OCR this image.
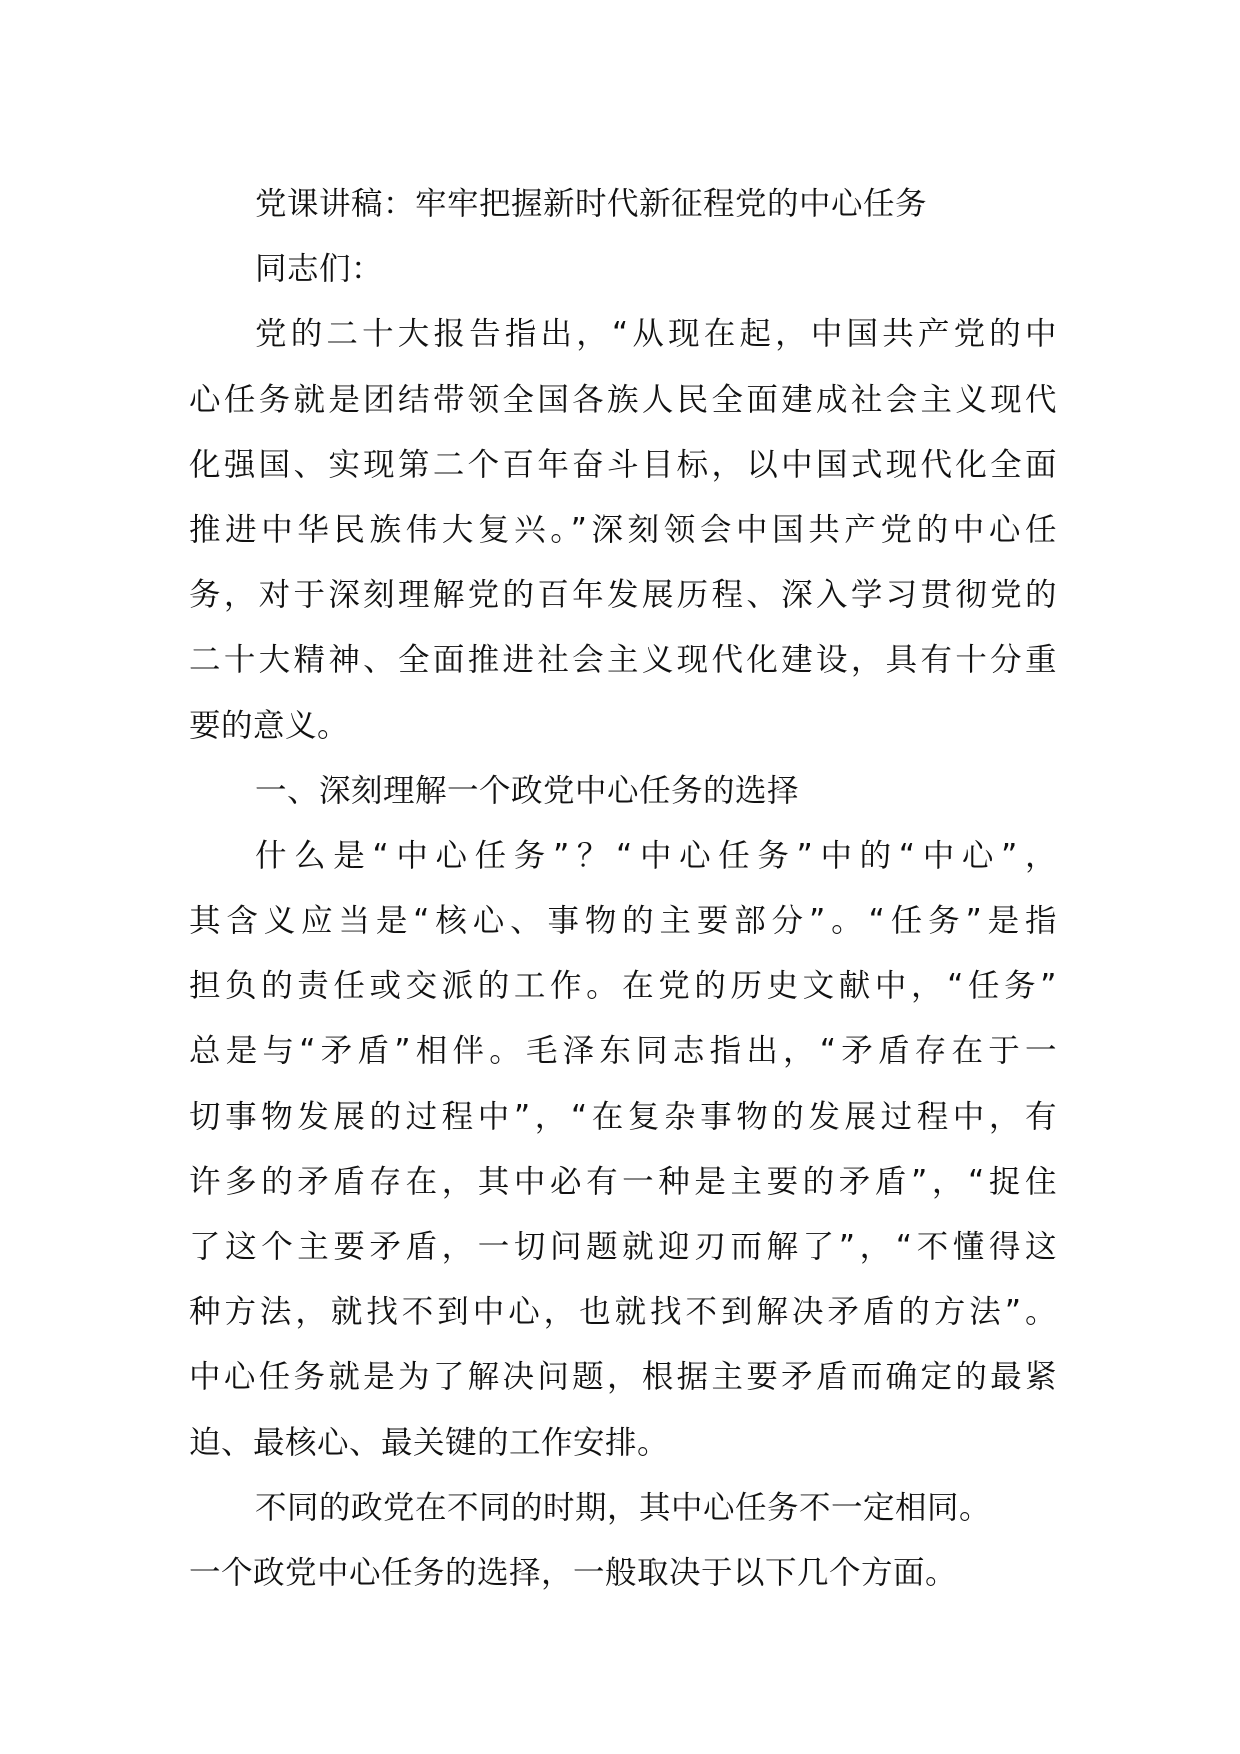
党课讲稿：牢牢把握新时代新征程党的中心任务
同志们：
党的二十大报告指出，“从现在起，中国共产党的中
心任务就是团结带领全国各族人民全面建成社会主义现代
化强国、实现第二个百年奋斗目标，以中国式现代化全面
推进中华民族伟大复兴。”深刻领会中国共产党的中心任
务，对于深刻理解党的百年发展历程、深入学习贯彻党的
二十大精神、全面推进社会主义现代化建设，具有十分重
要的意义。
一、深刻理解一个政党中心任务的选择
什么是“中心任务”？“中心任务”中的“中心”，
其含义应当是“核心、事物的主要部分”。“任务”是指
担负的责任或交派的工作。在党的历史文献中，“任务”
总是与“矛盾”相伴。毛泽东同志指出，“矛盾存在于一
切事物发展的过程中”，“在复杂事物的发展过程中，有
许多的矛盾存在，其中必有一种是主要的矛盾”，“捉住
了这个主要矛盾，一切问题就迎刃而解了”，“不懂得这
种方法，就找不到中心，也就找不到解决矛盾的方法”。
中心任务就是为了解决问题，根据主要矛盾而确定的最紧
迫、最核心、最关键的工作安排。
不同的政党在不同的时期，其中心任务不一定相同。
一个政党中心任务的选择，一般取决于以下几个方面。
